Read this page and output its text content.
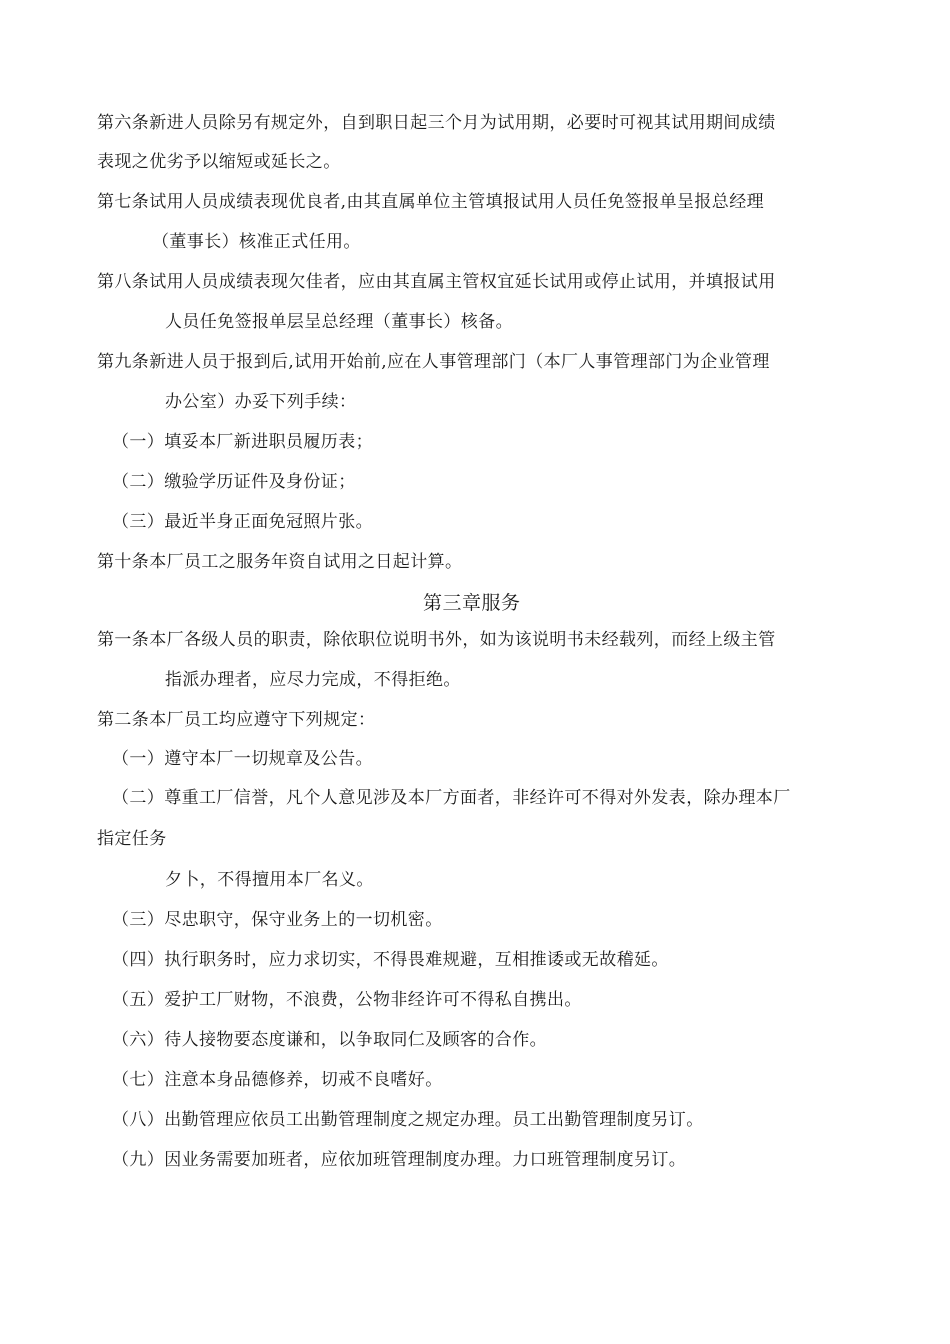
第六条新进人员除另有规定外，自到职日起三个月为试用期，必要时可视其试用期间成绩
表现之优劣予以缩短或延长之。
第七条试用人员成绩表现优良者,由其直属单位主管填报试用人员任免签报单呈报总经理
（董事长）核准正式任用。
第八条试用人员成绩表现欠佳者，应由其直属主管权宜延长试用或停止试用，并填报试用
人员任免签报单层呈总经理（董事长）核备。
第九条新进人员于报到后,试用开始前,应在人事管理部门（本厂人事管理部门为企业管理
办公室）办妥下列手续：
（一）填妥本厂新进职员履历表；
（二）缴验学历证件及身份证；
（三）最近半身正面免冠照片张。
第十条本厂员工之服务年资自试用之日起计算。
第三章服务
第一条本厂各级人员的职责，除依职位说明书外，如为该说明书未经载列，而经上级主管
指派办理者，应尽力完成，不得拒绝。
第二条本厂员工均应遵守下列规定：
（一）遵守本厂一切规章及公告。
（二）尊重工厂信誉，凡个人意见涉及本厂方面者，非经许可不得对外发表，除办理本厂
指定任务
夕卜，不得擅用本厂名义。
（三）尽忠职守，保守业务上的一切机密。
（四）执行职务时，应力求切实，不得畏难规避，互相推诿或无故稽延。
（五）爱护工厂财物，不浪费，公物非经许可不得私自携出。
（六）待人接物要态度谦和，以争取同仁及顾客的合作。
（七）注意本身品德修养，切戒不良嗜好。
（八）出勤管理应依员工出勤管理制度之规定办理。员工出勤管理制度另订。
（九）因业务需要加班者，应依加班管理制度办理。力口班管理制度另订。
